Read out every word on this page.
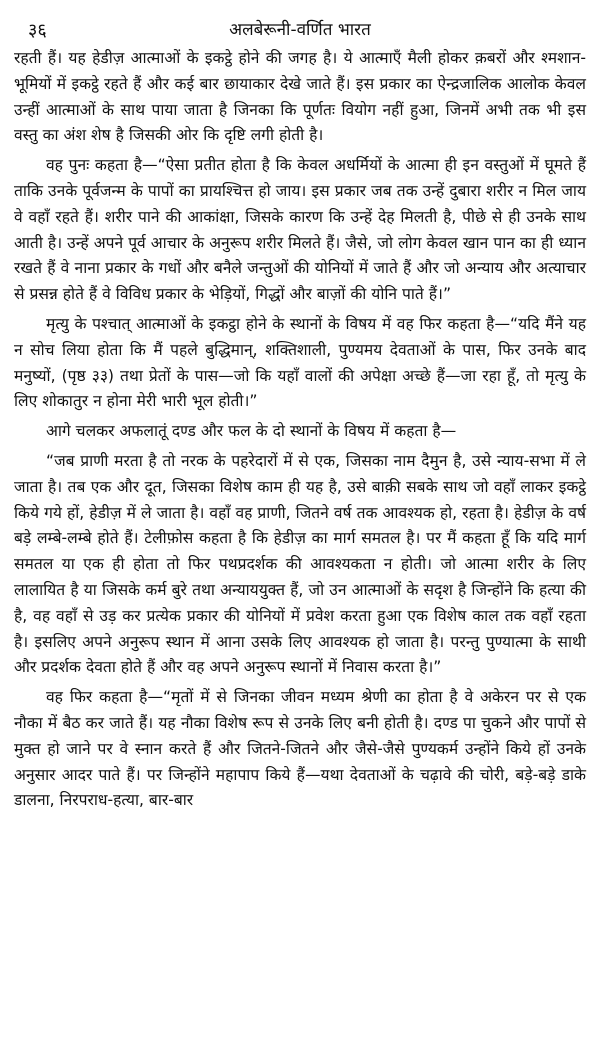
३६	अलबेरूनी-वर्णित भारत

रहती हैं। यह हेडीज़ आत्माओं के इकट्ठे होने की जगह है। ये आत्माएँ मैली होकर क़बरों और श्मशान-भूमियों में इकट्ठे रहते हैं और कई बार छायाकार देखे जाते हैं। इस प्रकार का ऐन्द्रजालिक आलोक केवल उन्हीं आत्माओं के साथ पाया जाता है जिनका कि पूर्णतः वियोग नहीं हुआ, जिनमें अभी तक भी इस वस्तु का अंश शेष है जिसकी ओर कि दृष्टि लगी होती है।

वह पुनः कहता है—“ऐसा प्रतीत होता है कि केवल अधर्मियों के आत्मा ही इन वस्तुओं में घूमते हैं ताकि उनके पूर्वजन्म के पापों का प्रायश्चित्त हो जाय। इस प्रकार जब तक उन्हें दुबारा शरीर न मिल जाय वे वहाँ रहते हैं। शरीर पाने की आकांक्षा, जिसके कारण कि उन्हें देह मिलती है, पीछे से ही उनके साथ आती है। उन्हें अपने पूर्व आचार के अनुरूप शरीर मिलते हैं। जैसे, जो लोग केवल खान पान का ही ध्यान रखते हैं वे नाना प्रकार के गधों और बनैले जन्तुओं की योनियों में जाते हैं और जो अन्याय और अत्याचार से प्रसन्न होते हैं वे विविध प्रकार के भेड़ियों, गिद्धों और बाज़ों की योनि पाते हैं।”

मृत्यु के पश्चात् आत्माओं के इकट्ठा होने के स्थानों के विषय में वह फिर कहता है—“यदि मैंने यह न सोच लिया होता कि मैं पहले बुद्धिमान्, शक्तिशाली, पुण्यमय देवताओं के पास, फिर उनके बाद मनुष्यों, (पृष्ठ ३३) तथा प्रेतों के पास—जो कि यहाँ वालों की अपेक्षा अच्छे हैं—जा रहा हूँ, तो मृत्यु के लिए शोकातुर न होना मेरी भारी भूल होती।”

आगे चलकर अफलातूं दण्ड और फल के दो स्थानों के विषय में कहता है—

“जब प्राणी मरता है तो नरक के पहरेदारों में से एक, जिसका नाम दैमुन है, उसे न्याय-सभा में ले जाता है। तब एक और दूत, जिसका विशेष काम ही यह है, उसे बाक़ी सबके साथ जो वहाँ लाकर इकट्ठे किये गये हों, हेडीज़ में ले जाता है। वहाँ वह प्राणी, जितने वर्ष तक आवश्यक हो, रहता है। हेडीज़ के वर्ष बड़े लम्बे-लम्बे होते हैं। टेलीफ़ोस कहता है कि हेडीज़ का मार्ग समतल है। पर मैं कहता हूँ कि यदि मार्ग समतल या एक ही होता तो फिर पथप्रदर्शक की आवश्यकता न होती। जो आत्मा शरीर के लिए लालायित है या जिसके कर्म बुरे तथा अन्याययुक्त हैं, जो उन आत्माओं के सदृश है जिन्होंने कि हत्या की है, वह वहाँ से उड़ कर प्रत्येक प्रकार की योनियों में प्रवेश करता हुआ एक विशेष काल तक वहाँ रहता है। इसलिए अपने अनुरूप स्थान में आना उसके लिए आवश्यक हो जाता है। परन्तु पुण्यात्मा के साथी और प्रदर्शक देवता होते हैं और वह अपने अनुरूप स्थानों में निवास करता है।”

वह फिर कहता है—“मृतों में से जिनका जीवन मध्यम श्रेणी का होता है वे अकेरन पर से एक नौका में बैठ कर जाते हैं। यह नौका विशेष रूप से उनके लिए बनी होती है। दण्ड पा चुकने और पापों से मुक्त हो जाने पर वे स्नान करते हैं और जितने-जितने और जैसे-जैसे पुण्यकर्म उन्होंने किये हों उनके अनुसार आदर पाते हैं। पर जिन्होंने महापाप किये हैं—यथा देवताओं के चढ़ावे की चोरी, बड़े-बड़े डाके डालना, निरपराध-हत्या, बार-बार
